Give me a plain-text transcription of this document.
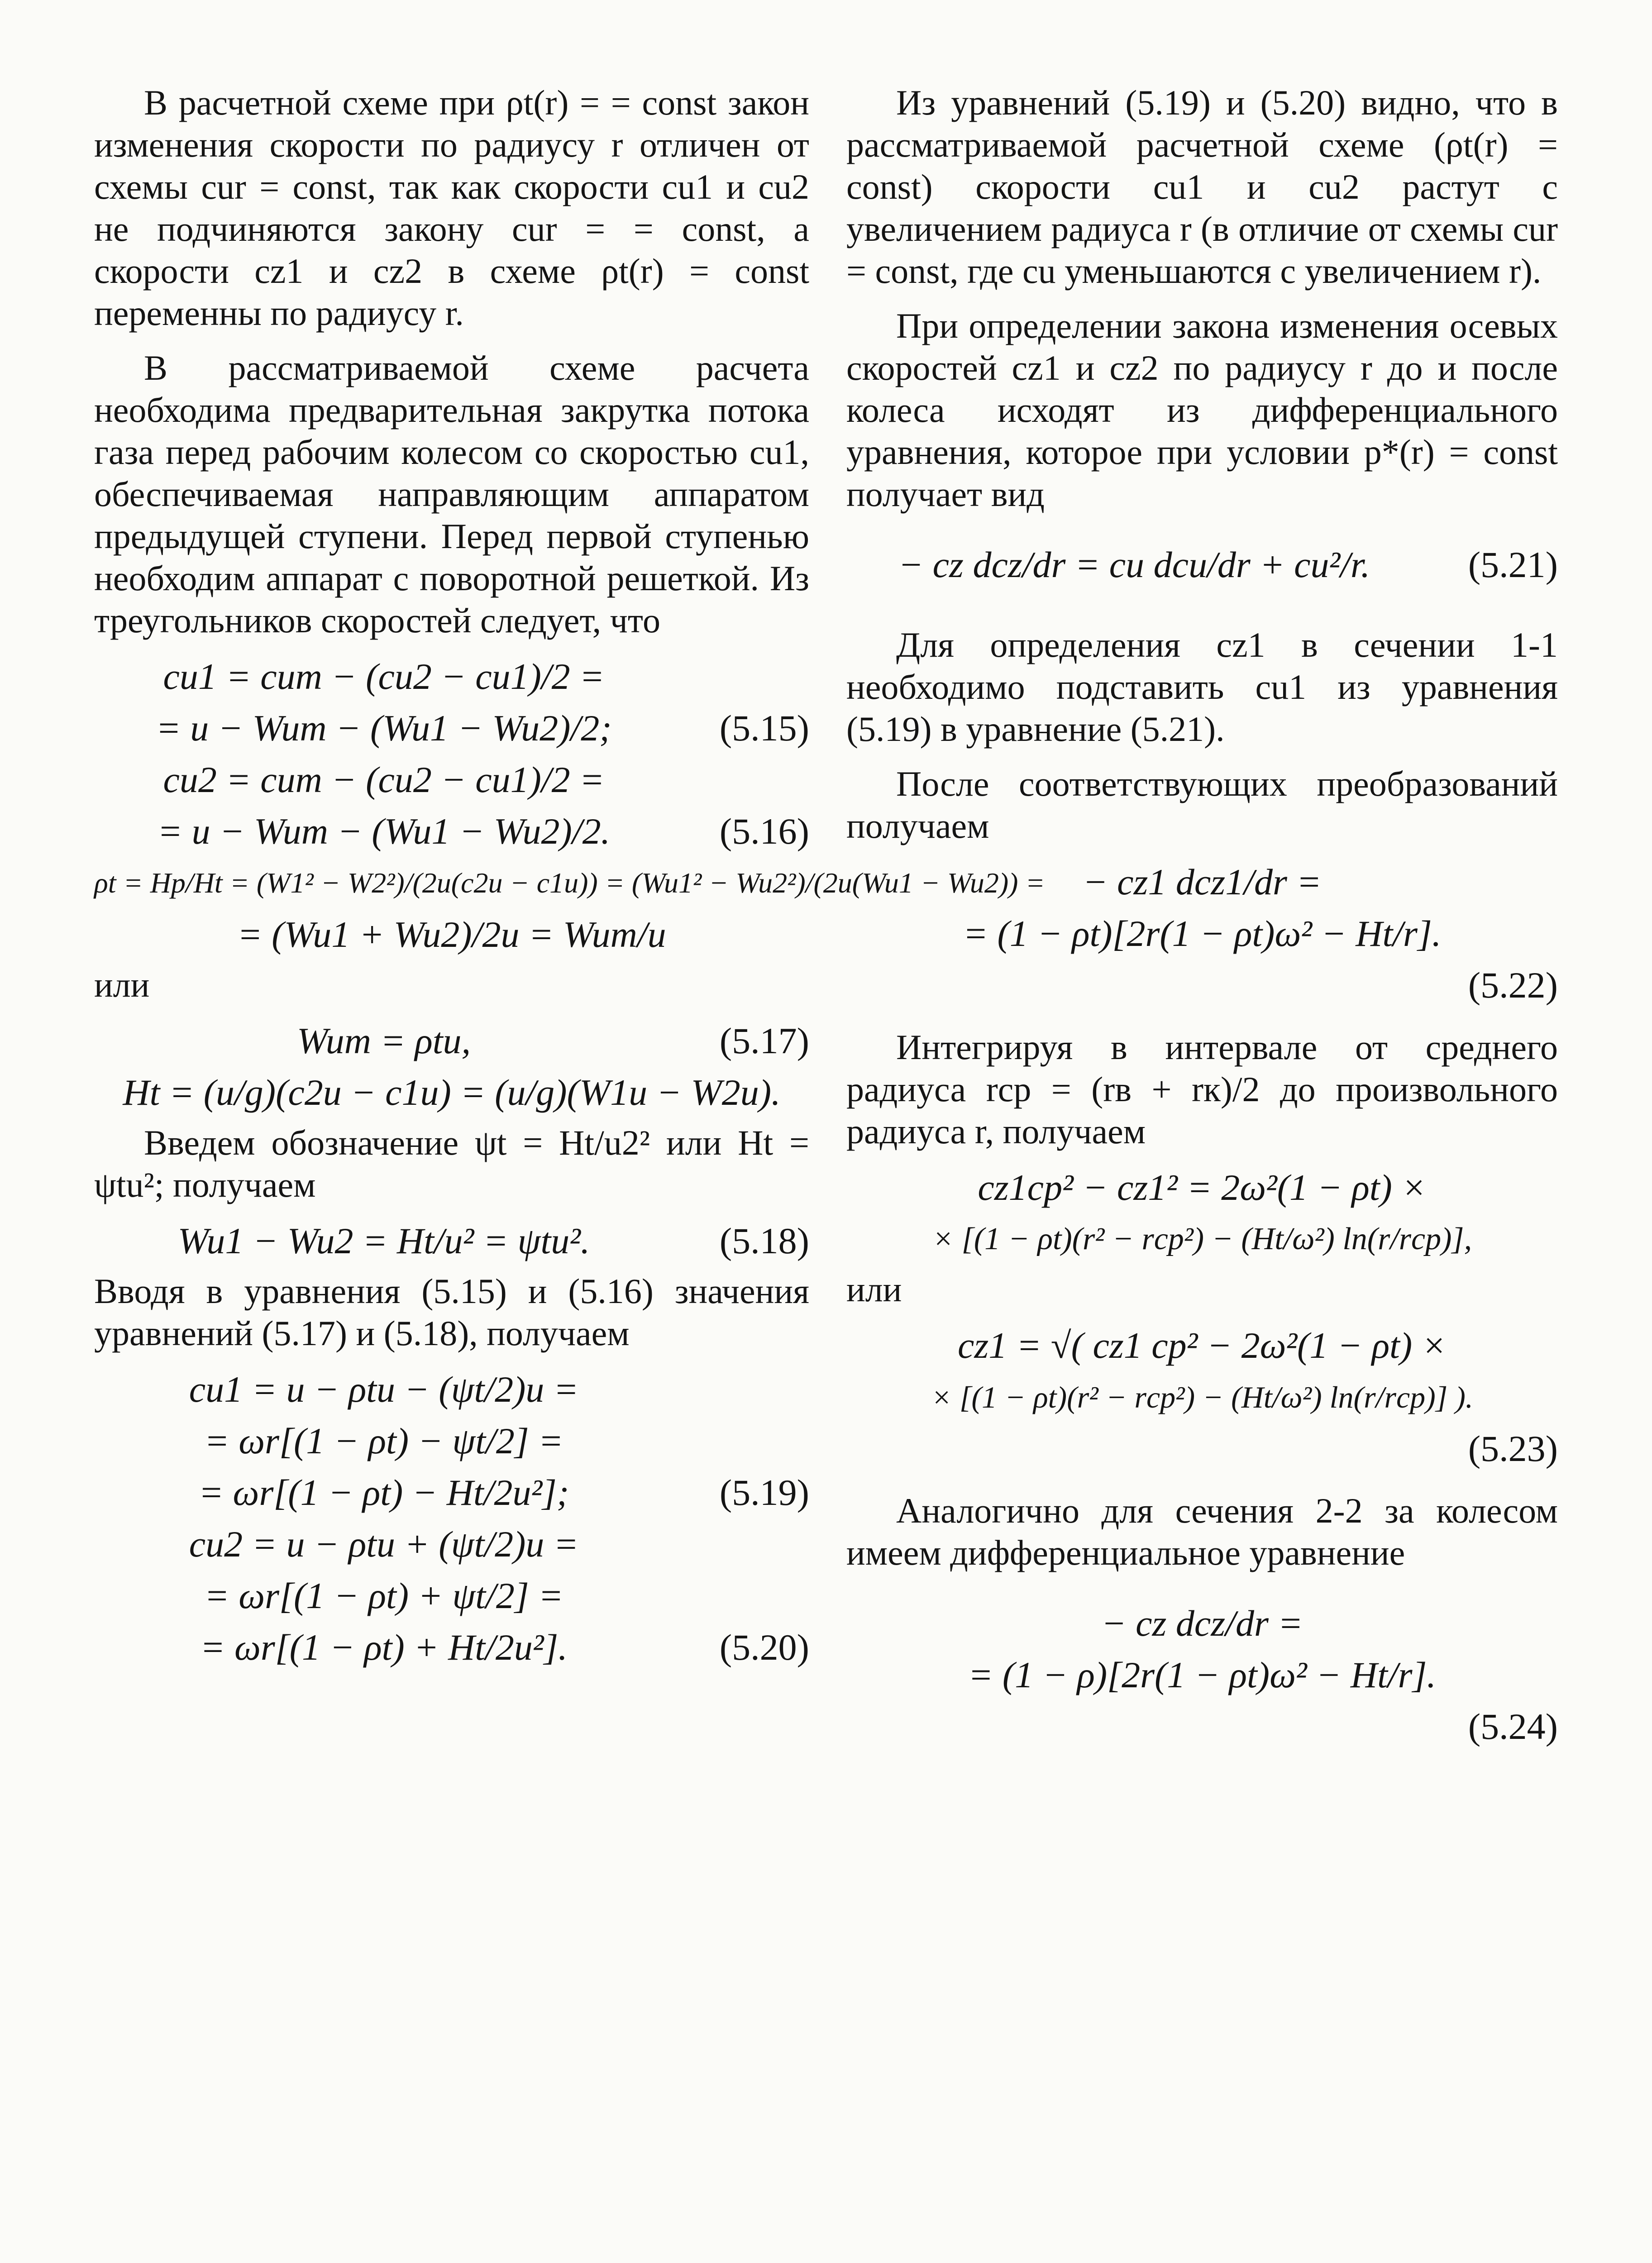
В расчетной схеме при ρt(r) = = const закон изменения скорости по радиусу r отличен от схемы cur = const, так как скорости cu1 и cu2 не подчиняются закону cur = = const, а скорости cz1 и cz2 в схеме ρt(r) = const переменны по радиусу r.

В рассматриваемой схеме расчета необходима предварительная закрутка потока газа перед рабочим колесом со скоростью cu1, обеспечиваемая направляющим аппаратом предыдущей ступени. Перед первой ступенью необходим аппарат с поворотной решеткой. Из треугольников скоростей следует, что

cu1 = cum − (cu2 − cu1)/2 =
= u − Wum − (Wu1 − Wu2)/2;	(5.15)
cu2 = cum − (cu2 − cu1)/2 =
= u − Wum − (Wu1 − Wu2)/2.	(5.16)
ρt = Hp/Ht = (W1² − W2²)/(2u(c2u − c1u)) = (Wu1² − Wu2²)/(2u(Wu1 − Wu2)) =
= (Wu1 + Wu2)/2u = Wum/u

или

Wum = ρtu,	(5.17)
Ht = (u/g)(c2u − c1u) = (u/g)(W1u − W2u).

Введем обозначение ψt = Ht/u2² или Ht = ψtu²; получаем

Wu1 − Wu2 = Ht/u² = ψtu².	(5.18)

Вводя в уравнения (5.15) и (5.16) значения уравнений (5.17) и (5.18), получаем

cu1 = u − ρtu − (ψt/2)u =
= ωr[(1 − ρt) − ψt/2] =
= ωr[(1 − ρt) − Ht/2u²];	(5.19)
cu2 = u − ρtu + (ψt/2)u =
= ωr[(1 − ρt) + ψt/2] =
= ωr[(1 − ρt) + Ht/2u²].	(5.20)

Из уравнений (5.19) и (5.20) видно, что в рассматриваемой расчетной схеме (ρt(r) = const) скорости cu1 и cu2 растут с увеличением радиуса r (в отличие от схемы cur = const, где cu уменьшаются с увеличением r).

При определении закона изменения осевых скоростей cz1 и cz2 по радиусу r до и после колеса исходят из дифференциального уравнения, которое при условии p*(r) = const получает вид

− cz dcz/dr = cu dcu/dr + cu²/r.	(5.21)

Для определения cz1 в сечении 1-1 необходимо подставить cu1 из уравнения (5.19) в уравнение (5.21).

После соответствующих преобразований получаем

− cz1 dcz1/dr =
= (1 − ρt)[2r(1 − ρt)ω² − Ht/r].
(5.22)

Интегрируя в интервале от среднего радиуса rср = (rв + rк)/2 до произвольного радиуса r, получаем

cz1ср² − cz1² = 2ω²(1 − ρt) ×
× [(1 − ρt)(r² − rср²) − (Ht/ω²) ln(r/rср)],

или

cz1 = √( cz1 ср² − 2ω²(1 − ρt) ×
× [(1 − ρt)(r² − rср²) − (Ht/ω²) ln(r/rср)] ).
(5.23)

Аналогично для сечения 2-2 за колесом имеем дифференциальное уравнение

− cz dcz/dr =
= (1 − ρ)[2r(1 − ρt)ω² − Ht/r].
(5.24)
